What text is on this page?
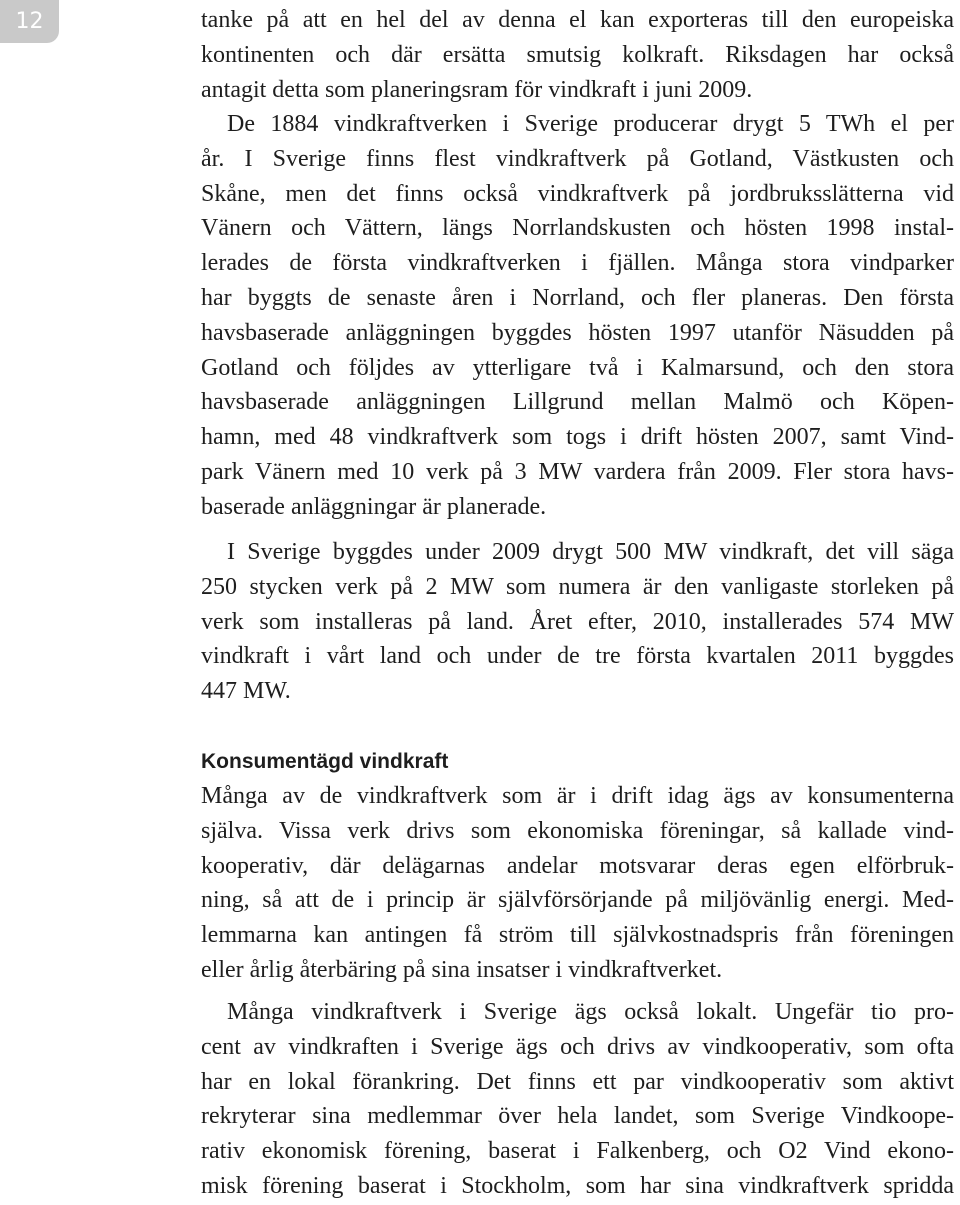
12	tanke på att en hel del av denna el kan exporteras till den europeiska
kontinenten och där ersätta smutsig kolkraft. Riksdagen har också
antagit detta som planeringsram för vindkraft i juni 2009.
De 1884 vindkraftverken i Sverige producerar drygt 5 TWh el per
år. I Sverige finns flest vindkraftverk på Gotland, Västkusten och
Skåne, men det finns också vindkraftverk på jordbruksslätterna vid
Vänern och Vättern, längs Norrlandskusten och hösten 1998 instal-
lerades de första vindkraftverken i fjällen. Många stora vindparker
har byggts de senaste åren i Norrland, och fler planeras. Den första
havsbaserade anläggningen byggdes hösten 1997 utanför Näsudden på
Gotland och följdes av ytterligare två i Kalmarsund, och den stora
havsbaserade anläggningen Lillgrund mellan Malmö och Köpen-
hamn, med 48 vindkraftverk som togs i drift hösten 2007, samt Vind-
park Vänern med 10 verk på 3 MW vardera från 2009. Fler stora havs-
baserade anläggningar är planerade.
I Sverige byggdes under 2009 drygt 500 MW vindkraft, det vill säga
250 stycken verk på 2 MW som numera är den vanligaste storleken på
verk som installeras på land. Året efter, 2010, installerades 574 MW
vindkraft i vårt land och under de tre första kvartalen 2011 byggdes
447 MW.
Konsumentägd vindkraft
Många av de vindkraftverk som är i drift idag ägs av konsumenterna
själva. Vissa verk drivs som ekonomiska föreningar, så kallade vind-
kooperativ, där delägarnas andelar motsvarar deras egen elförbruk-
ning, så att de i princip är självförsörjande på miljövänlig energi. Med-
lemmarna kan antingen få ström till självkostnadspris från föreningen
eller årlig återbäring på sina insatser i vindkraftverket.
Många vindkraftverk i Sverige ägs också lokalt. Ungefär tio pro-
cent av vindkraften i Sverige ägs och drivs av vindkooperativ, som ofta
har en lokal förankring. Det finns ett par vindkooperativ som aktivt
rekryterar sina medlemmar över hela landet, som Sverige Vindkoope-
rativ ekonomisk förening, baserat i Falkenberg, och O2 Vind ekono-
misk förening baserat i Stockholm, som har sina vindkraftverk spridda
